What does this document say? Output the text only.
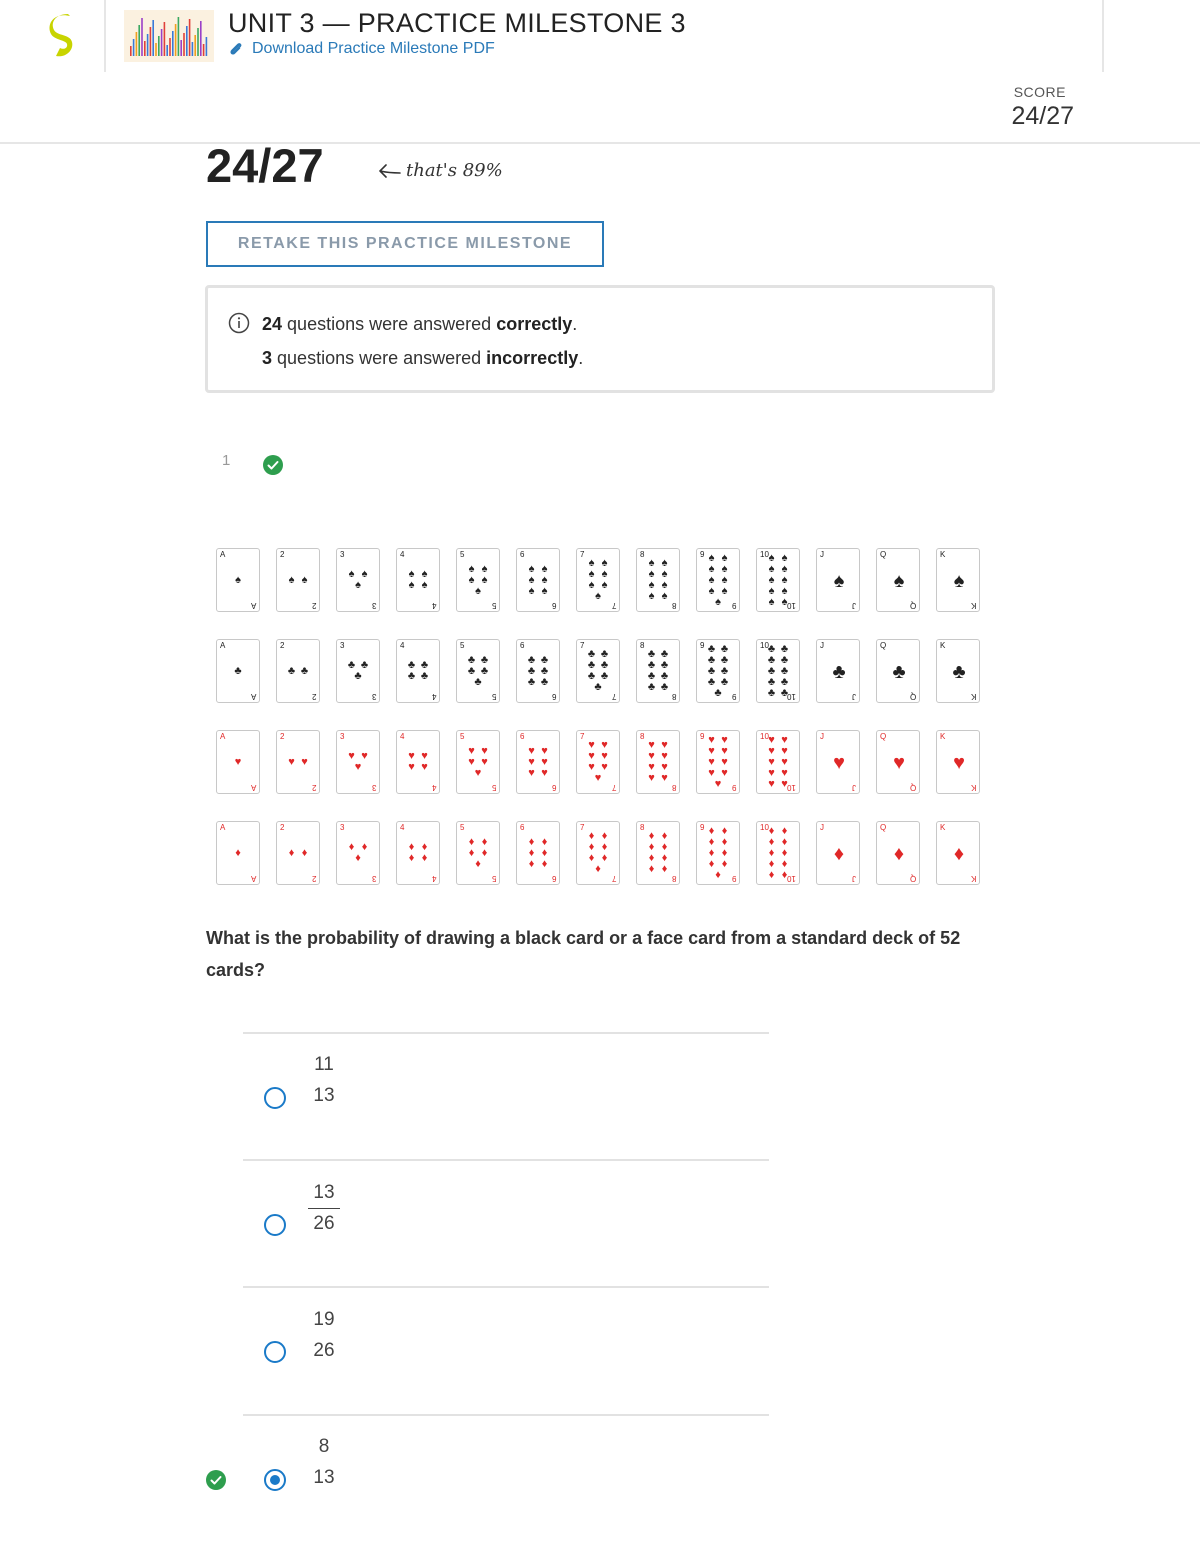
UNIT 3 — PRACTICE MILESTONE 3
Download Practice Milestone PDF
SCORE
24/27
24/27	that's 89%
RETAKE THIS PRACTICE MILESTONE
24 questions were answered correctly.
3 questions were answered incorrectly.
1
A
A
♠
2
2
♠ ♠
3
3
♠ ♠
♠
4
4
♠ ♠
♠ ♠
5
5
♠ ♠
♠ ♠
♠
6
6
♠ ♠
♠ ♠
♠ ♠
7
7
♠ ♠
♠ ♠
♠ ♠
♠
8
8
♠ ♠
♠ ♠
♠ ♠
♠ ♠
9
9
♠ ♠
♠ ♠
♠ ♠
♠ ♠
♠
10
10
♠ ♠
♠ ♠
♠ ♠
♠ ♠
♠ ♠
J
J
♠
Q
Q
♠
K
K
♠
A
A
♣
2
2
♣ ♣
3
3
♣ ♣
♣
4
4
♣ ♣
♣ ♣
5
5
♣ ♣
♣ ♣
♣
6
6
♣ ♣
♣ ♣
♣ ♣
7
7
♣ ♣
♣ ♣
♣ ♣
♣
8
8
♣ ♣
♣ ♣
♣ ♣
♣ ♣
9
9
♣ ♣
♣ ♣
♣ ♣
♣ ♣
♣
10
10
♣ ♣
♣ ♣
♣ ♣
♣ ♣
♣ ♣
J
J
♣
Q
Q
♣
K
K
♣
A
A
♥
2
2
♥ ♥
3
3
♥ ♥
♥
4
4
♥ ♥
♥ ♥
5
5
♥ ♥
♥ ♥
♥
6
6
♥ ♥
♥ ♥
♥ ♥
7
7
♥ ♥
♥ ♥
♥ ♥
♥
8
8
♥ ♥
♥ ♥
♥ ♥
♥ ♥
9
9
♥ ♥
♥ ♥
♥ ♥
♥ ♥
♥
10
10
♥ ♥
♥ ♥
♥ ♥
♥ ♥
♥ ♥
J
J
♥
Q
Q
♥
K
K
♥
A
A
♦
2
2
♦ ♦
3
3
♦ ♦
♦
4
4
♦ ♦
♦ ♦
5
5
♦ ♦
♦ ♦
♦
6
6
♦ ♦
♦ ♦
♦ ♦
7
7
♦ ♦
♦ ♦
♦ ♦
♦
8
8
♦ ♦
♦ ♦
♦ ♦
♦ ♦
9
9
♦ ♦
♦ ♦
♦ ♦
♦ ♦
♦
10
10
♦ ♦
♦ ♦
♦ ♦
♦ ♦
♦ ♦
J
J
♦
Q
Q
♦
K
K
♦
What is the probability of drawing a black card or a face card from a standard deck of 52 cards?
11
13
13
26
19
26
8
13
